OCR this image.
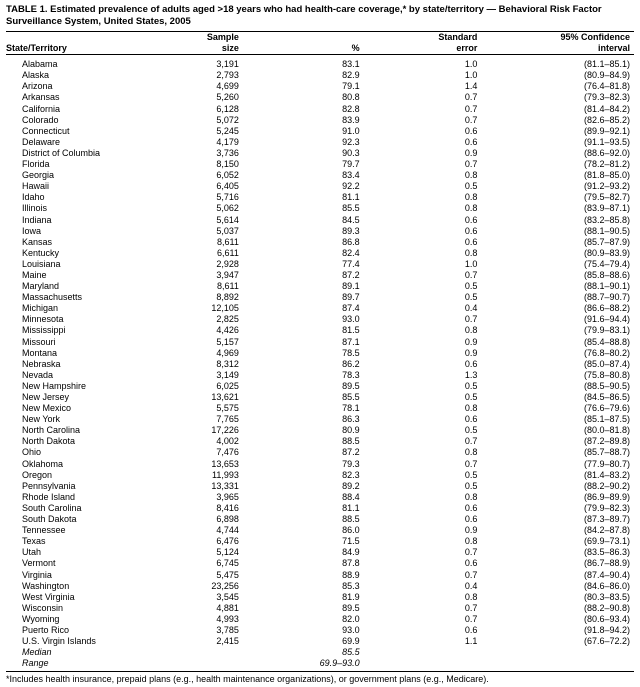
TABLE 1. Estimated prevalence of adults aged >18 years who had health-care coverage,* by state/territory — Behavioral Risk Factor Surveillance System, United States, 2005
	Sample		Standard	95% Confidence
State/Territory	size	%	error	interval

Alabama	3,191	83.1	1.0	(81.1–85.1)
Alaska	2,793	82.9	1.0	(80.9–84.9)
Arizona	4,699	79.1	1.4	(76.4–81.8)
Arkansas	5,260	80.8	0.7	(79.3–82.3)
California	6,128	82.8	0.7	(81.4–84.2)
Colorado	5,072	83.9	0.7	(82.6–85.2)
Connecticut	5,245	91.0	0.6	(89.9–92.1)
Delaware	4,179	92.3	0.6	(91.1–93.5)
District of Columbia	3,736	90.3	0.9	(88.6–92.0)
Florida	8,150	79.7	0.7	(78.2–81.2)
Georgia	6,052	83.4	0.8	(81.8–85.0)
Hawaii	6,405	92.2	0.5	(91.2–93.2)
Idaho	5,716	81.1	0.8	(79.5–82.7)
Illinois	5,062	85.5	0.8	(83.9–87.1)
Indiana	5,614	84.5	0.6	(83.2–85.8)
Iowa	5,037	89.3	0.6	(88.1–90.5)
Kansas	8,611	86.8	0.6	(85.7–87.9)
Kentucky	6,611	82.4	0.8	(80.9–83.9)
Louisiana	2,928	77.4	1.0	(75.4–79.4)
Maine	3,947	87.2	0.7	(85.8–88.6)
Maryland	8,611	89.1	0.5	(88.1–90.1)
Massachusetts	8,892	89.7	0.5	(88.7–90.7)
Michigan	12,105	87.4	0.4	(86.6–88.2)
Minnesota	2,825	93.0	0.7	(91.6–94.4)
Mississippi	4,426	81.5	0.8	(79.9–83.1)
Missouri	5,157	87.1	0.9	(85.4–88.8)
Montana	4,969	78.5	0.9	(76.8–80.2)
Nebraska	8,312	86.2	0.6	(85.0–87.4)
Nevada	3,149	78.3	1.3	(75.8–80.8)
New Hampshire	6,025	89.5	0.5	(88.5–90.5)
New Jersey	13,621	85.5	0.5	(84.5–86.5)
New Mexico	5,575	78.1	0.8	(76.6–79.6)
New York	7,765	86.3	0.6	(85.1–87.5)
North Carolina	17,226	80.9	0.5	(80.0–81.8)
North Dakota	4,002	88.5	0.7	(87.2–89.8)
Ohio	7,476	87.2	0.8	(85.7–88.7)
Oklahoma	13,653	79.3	0.7	(77.9–80.7)
Oregon	11,993	82.3	0.5	(81.4–83.2)
Pennsylvania	13,331	89.2	0.5	(88.2–90.2)
Rhode Island	3,965	88.4	0.8	(86.9–89.9)
South Carolina	8,416	81.1	0.6	(79.9–82.3)
South Dakota	6,898	88.5	0.6	(87.3–89.7)
Tennessee	4,744	86.0	0.9	(84.2–87.8)
Texas	6,476	71.5	0.8	(69.9–73.1)
Utah	5,124	84.9	0.7	(83.5–86.3)
Vermont	6,745	87.8	0.6	(86.7–88.9)
Virginia	5,475	88.9	0.7	(87.4–90.4)
Washington	23,256	85.3	0.4	(84.6–86.0)
West Virginia	3,545	81.9	0.8	(80.3–83.5)
Wisconsin	4,881	89.5	0.7	(88.2–90.8)
Wyoming	4,993	82.0	0.7	(80.6–93.4)
Puerto Rico	3,785	93.0	0.6	(91.8–94.2)
U.S. Virgin Islands	2,415	69.9	1.1	(67.6–72.2)
Median		85.5		
Range		69.9–93.0		
*Includes health insurance, prepaid plans (e.g., health maintenance organizations), or government plans (e.g., Medicare).
